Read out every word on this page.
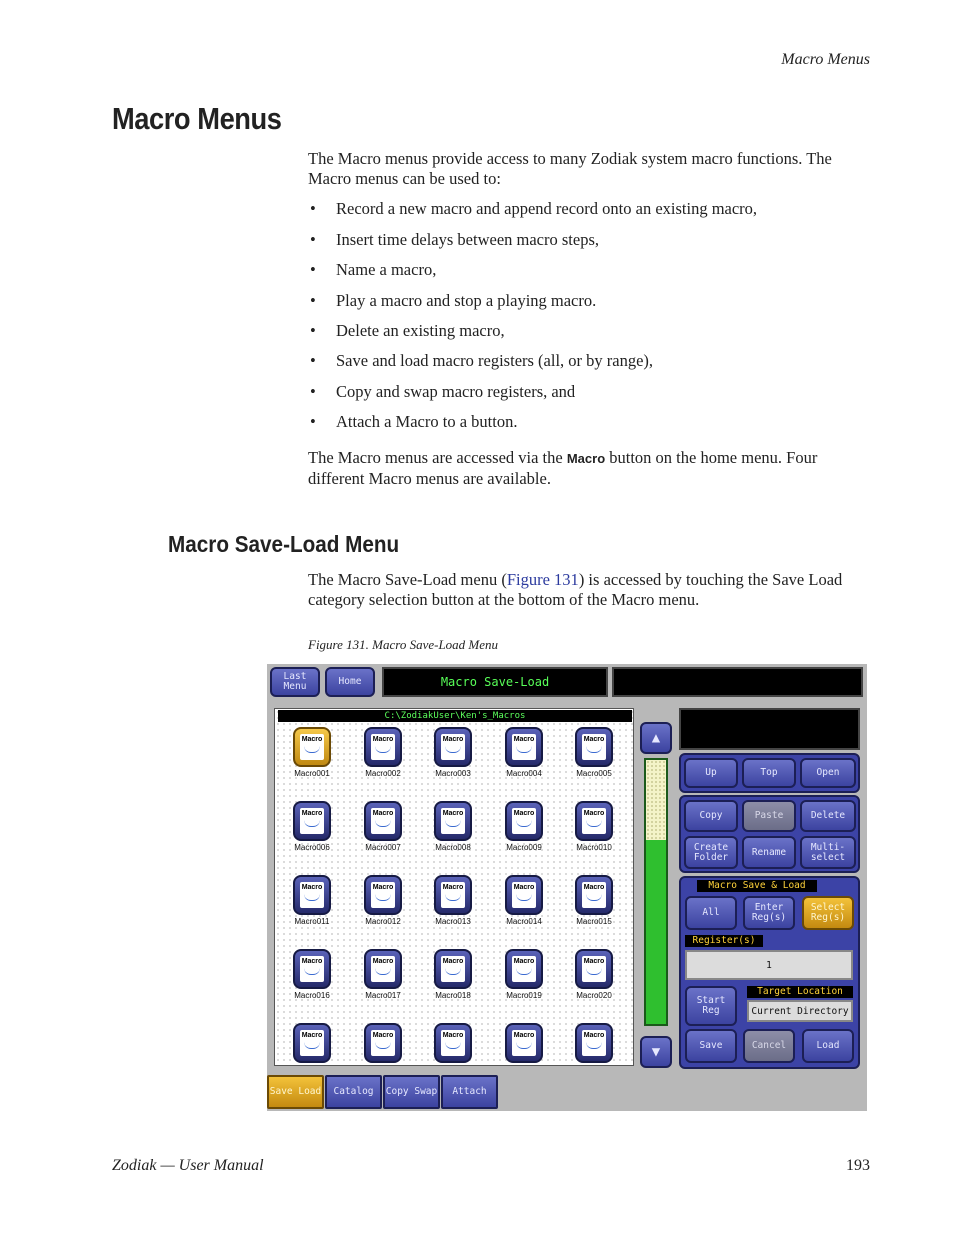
Macro Menus
Macro Menus
The Macro menus provide access to many Zodiak system macro functions. The Macro menus can be used to:
• Record a new macro and append record onto an existing macro,
• Insert time delays between macro steps,
• Name a macro,
• Play a macro and stop a playing macro.
• Delete an existing macro,
• Save and load macro registers (all, or by range),
• Copy and swap macro registers, and
• Attach a Macro to a button.
The Macro menus are accessed via the Macro button on the home menu. Four different Macro menus are available.
Macro Save-Load Menu
The Macro Save-Load menu (Figure 131) is accessed by touching the Save Load category selection button at the bottom of the Macro menu.
Figure 131. Macro Save-Load Menu
Last Menu	Home	Macro Save-Load
C:\ZodiakUser\Ken's_Macros
Macro
Macro001
Macro
Macro002
Macro
Macro003
Macro
Macro004
Macro
Macro005
Macro
Macro006
Macro
Macro007
Macro
Macro008
Macro
Macro009
Macro
Macro010
Macro
Macro011
Macro
Macro012
Macro
Macro013
Macro
Macro014
Macro
Macro015
Macro
Macro016
Macro
Macro017
Macro
Macro018
Macro
Macro019
Macro
Macro020
Macro	Macro	Macro	Macro	Macro
▲
▼
Up	Top	Open
Copy	Paste	Delete
Create Folder	Rename	Multi-select
Macro Save & Load
All	Enter Reg(s)
Select Reg(s)
Register(s)
1
Start Reg
Target Location
Current Directory
Save	Cancel	Load
Save Load	Catalog	Copy Swap	Attach
Zodiak — User Manual	193
